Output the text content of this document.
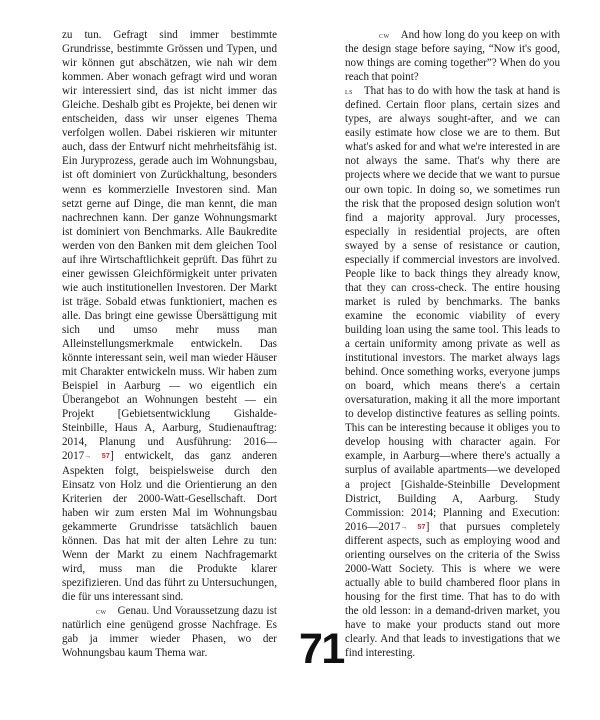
zu tun. Gefragt sind immer bestimmte Grundrisse, bestimmte Grössen und Typen, und wir können gut abschätzen, wie nah wir dem kommen. Aber wonach gefragt wird und woran wir interessiert sind, das ist nicht immer das Gleiche. Deshalb gibt es Projekte, bei denen wir entscheiden, dass wir unser eigenes Thema verfolgen wollen. Dabei riskieren wir mitunter auch, dass der Entwurf nicht mehrheitsfähig ist. Ein Juryprozess, gerade auch im Wohnungsbau, ist oft dominiert von Zurückhaltung, besonders wenn es kommerzielle Investoren sind. Man setzt gerne auf Dinge, die man kennt, die man nachrechnen kann. Der ganze Wohnungsmarkt ist dominiert von Benchmarks. Alle Baukredite werden von den Banken mit dem gleichen Tool auf ihre Wirtschaftlichkeit geprüft. Das führt zu einer gewissen Gleichförmigkeit unter privaten wie auch institutionellen Investoren. Der Markt ist träge. Sobald etwas funktioniert, machen es alle. Das bringt eine gewisse Übersättigung mit sich und umso mehr muss man Alleinstellungsmerkmale entwickeln. Das könnte interessant sein, weil man wieder Häuser mit Charakter entwickeln muss. Wir haben zum Beispiel in Aarburg — wo eigentlich ein Überangebot an Wohnungen besteht — ein Projekt [Gebietsentwicklung Gishalde-Steinbille, Haus A, Aarburg, Studienauftrag: 2014, Planung und Ausführung: 2016—2017→ 57] entwickelt, das ganz anderen Aspekten folgt, beispielsweise durch den Einsatz von Holz und die Orientierung an den Kriterien der 2000-Watt-Gesellschaft. Dort haben wir zum ersten Mal im Wohnungsbau gekammerte Grundrisse tatsächlich bauen können. Das hat mit der alten Lehre zu tun: Wenn der Markt zu einem Nachfragemarkt wird, muss man die Produkte klarer spezifizieren. Und das führt zu Untersuchungen, die für uns interessant sind.

cw Genau. Und Voraussetzung dazu ist natürlich eine genügend grosse Nachfrage. Es gab ja immer wieder Phasen, wo der Wohnungsbau kaum Thema war.

cw And how long do you keep on with the design stage before saying, “Now it's good, now things are coming together”? When do you reach that point?

ls That has to do with how the task at hand is defined. Certain floor plans, certain sizes and types, are always sought-after, and we can easily estimate how close we are to them. But what's asked for and what we're interested in are not always the same. That's why there are projects where we decide that we want to pursue our own topic. In doing so, we sometimes run the risk that the proposed design solution won't find a majority approval. Jury processes, especially in residential projects, are often swayed by a sense of resistance or caution, especially if commercial investors are involved. People like to back things they already know, that they can cross-check. The entire housing market is ruled by benchmarks. The banks examine the economic viability of every building loan using the same tool. This leads to a certain uniformity among private as well as institutional investors. The market always lags behind. Once something works, everyone jumps on board, which means there's a certain oversaturation, making it all the more important to develop distinctive features as selling points. This can be interesting because it obliges you to develop housing with character again. For example, in Aarburg—where there's actually a surplus of available apartments—we developed a project [Gishalde-Steinbille Development District, Building A, Aarburg. Study Commission: 2014; Planning and Execution: 2016—2017→ 57] that pursues completely different aspects, such as employing wood and orienting ourselves on the criteria of the Swiss 2000-Watt Society. This is where we were actually able to build chambered floor plans in housing for the first time. That has to do with the old lesson: in a demand-driven market, you have to make your products stand out more clearly. And that leads to investigations that we find interesting.

71
